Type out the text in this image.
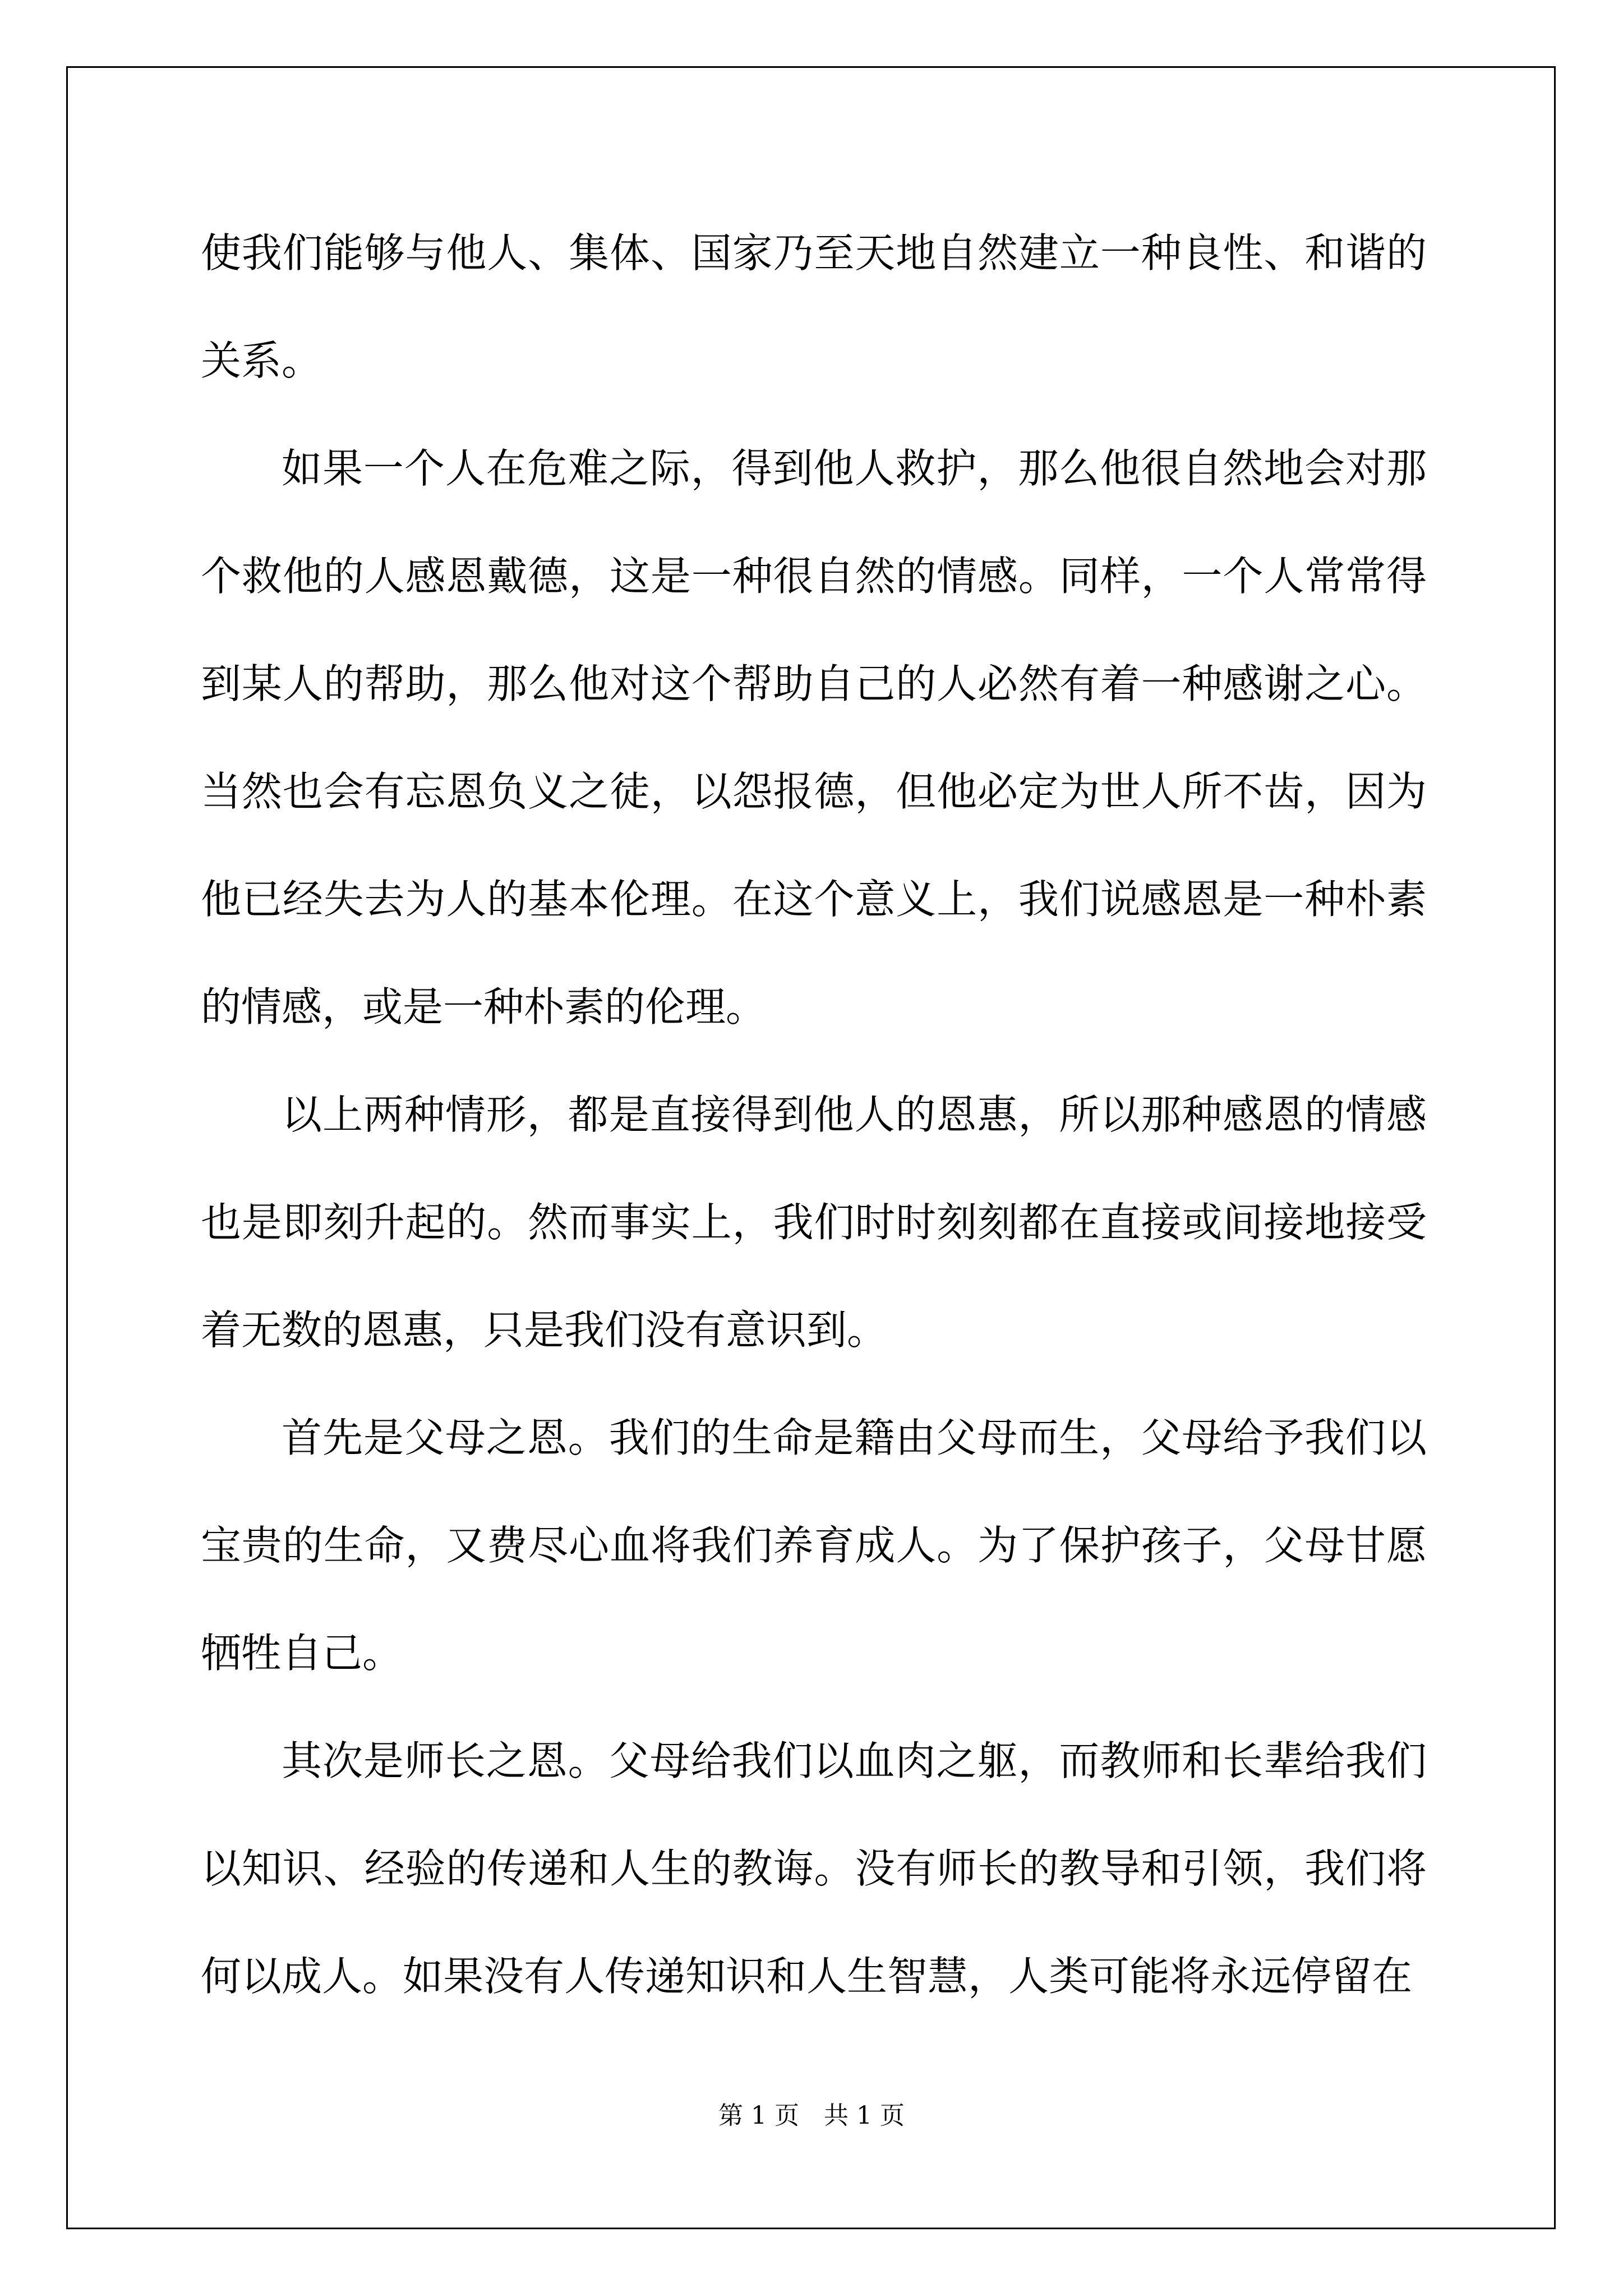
使我们能够与他人、集体、国家乃至天地自然建立一种良性、和谐的关系。

如果一个人在危难之际，得到他人救护，那么他很自然地会对那个救他的人感恩戴德，这是一种很自然的情感。同样，一个人常常得到某人的帮助，那么他对这个帮助自己的人必然有着一种感谢之心。当然也会有忘恩负义之徒，以怨报德，但他必定为世人所不齿，因为他已经失去为人的基本伦理。在这个意义上，我们说感恩是一种朴素的情感，或是一种朴素的伦理。

以上两种情形，都是直接得到他人的恩惠，所以那种感恩的情感也是即刻升起的。然而事实上，我们时时刻刻都在直接或间接地接受着无数的恩惠，只是我们没有意识到。

首先是父母之恩。我们的生命是籍由父母而生，父母给予我们以宝贵的生命，又费尽心血将我们养育成人。为了保护孩子，父母甘愿牺牲自己。

其次是师长之恩。父母给我们以血肉之躯，而教师和长辈给我们以知识、经验的传递和人生的教诲。没有师长的教导和引领，我们将何以成人。如果没有人传递知识和人生智慧，人类可能将永远停留在

第 1 页　共 1 页
